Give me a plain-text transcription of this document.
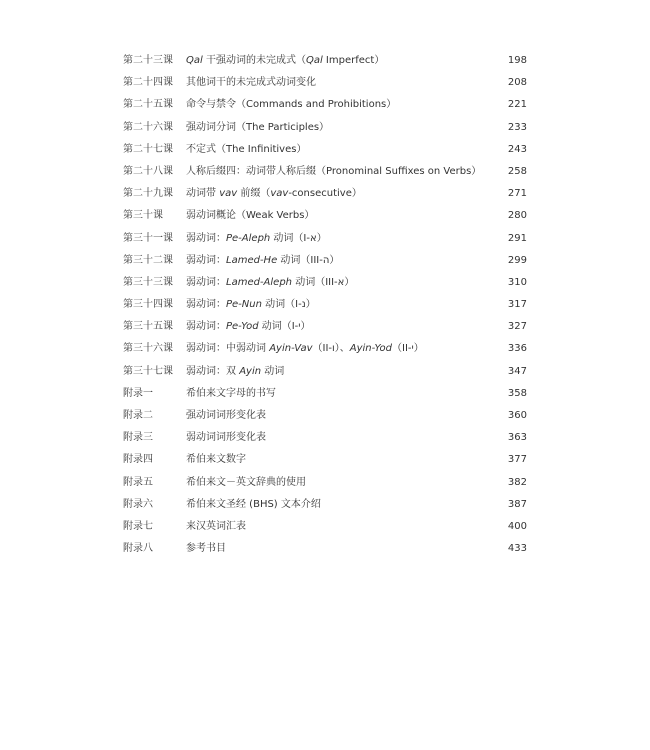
第二十三课 Qal 干强动词的未完成式（Qal Imperfect）	198
第二十四课 其他词干的未完成式动词变化	208
第二十五课 命令与禁令（Commands and Prohibitions）	221
第二十六课 强动词分词（The Participles）	233
第二十七课 不定式（The Infinitives）	243
第二十八课 人称后缀四：动词带人称后缀（Pronominal Suffixes on Verbs）	258
第二十九课 动词带 vav 前缀（vav-consecutive）	271
第三十课 弱动词概论（Weak Verbs）	280
第三十一课 弱动词：Pe-Aleph 动词（I-א）	291
第三十二课 弱动词：Lamed-He 动词（III-ה）	299
第三十三课 弱动词：Lamed-Aleph 动词（III-א）	310
第三十四课 弱动词：Pe-Nun 动词（I-נ）	317
第三十五课 弱动词：Pe-Yod 动词（I-י）	327
第三十六课 弱动词：中弱动词 Ayin-Vav（II-ו）、Ayin-Yod（II-י）	336
第三十七课 弱动词：双 Ayin 动词	347
附录一	希伯来文字母的书写	358
附录二	强动词词形变化表	360
附录三	弱动词词形变化表	363
附录四	希伯来文数字	377
附录五	希伯来文－英文辞典的使用	382
附录六	希伯来文圣经 (BHS) 文本介绍	387
附录七	来汉英词汇表	400
附录八	参考书目	433
